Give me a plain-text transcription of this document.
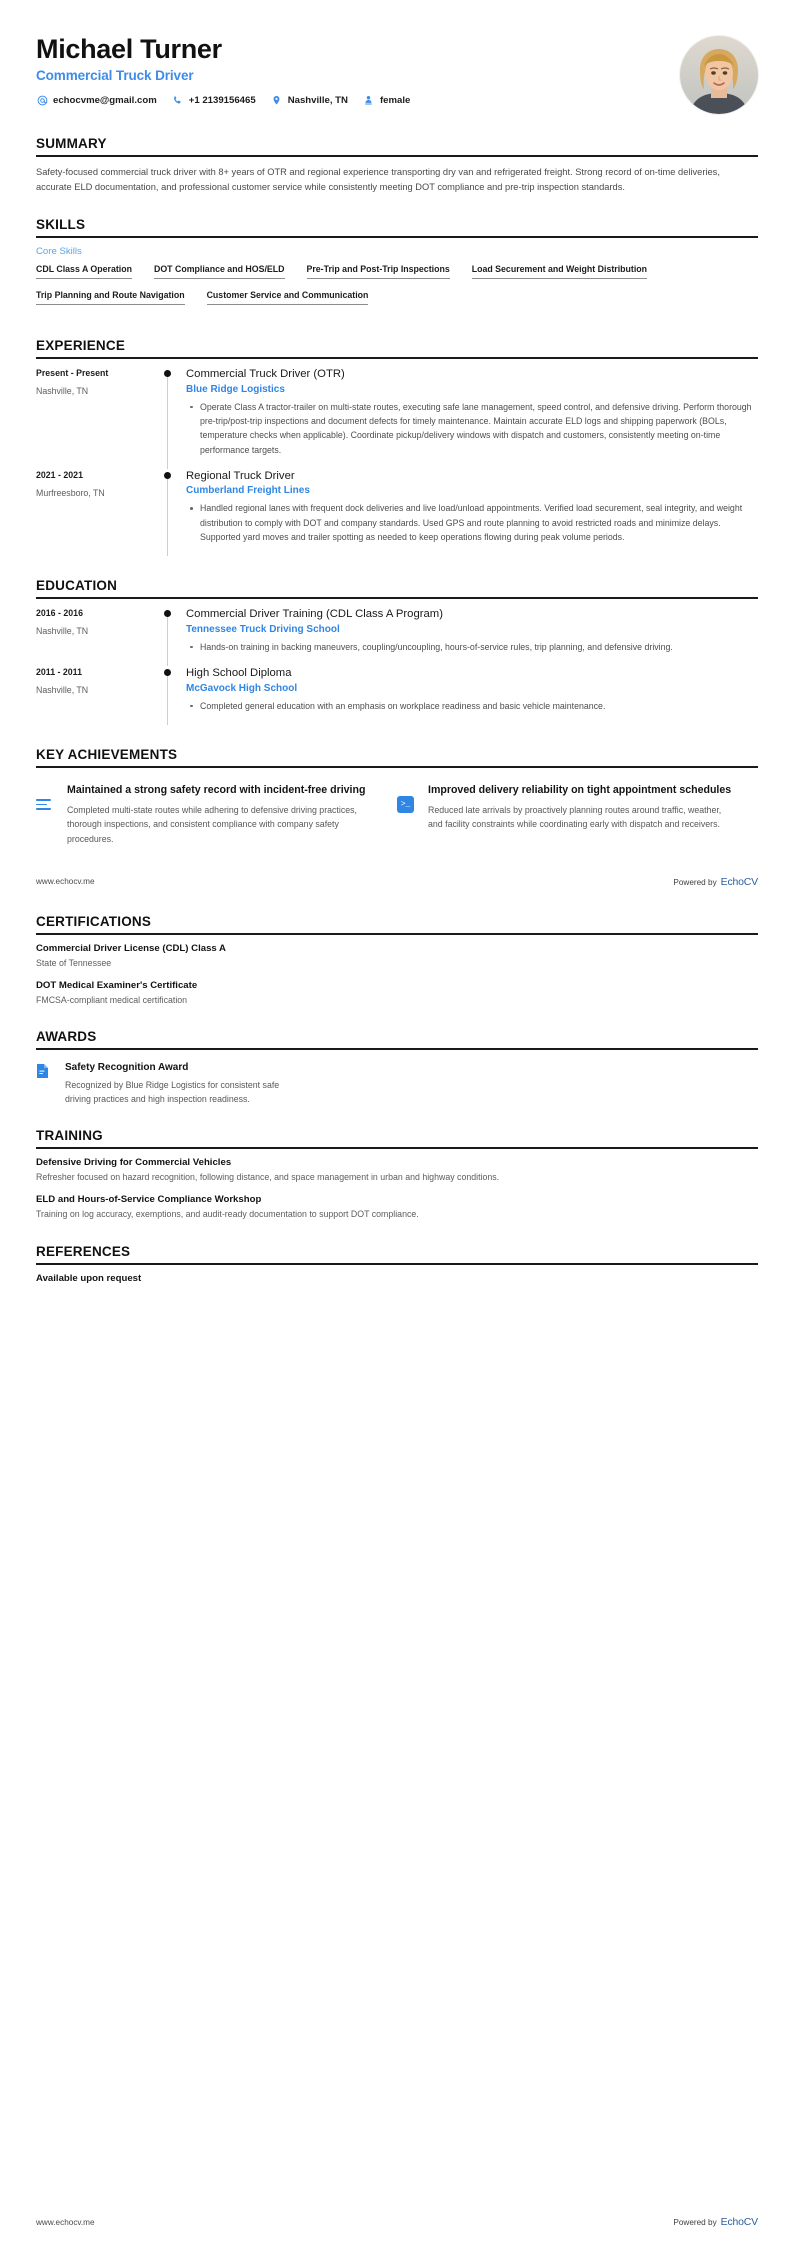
Michael Turner
Commercial Truck Driver
echocvme@gmail.com	+1 2139156465	Nashville, TN	female
SUMMARY
Safety-focused commercial truck driver with 8+ years of OTR and regional experience transporting dry van and refrigerated freight. Strong record of on-time deliveries, accurate ELD documentation, and professional customer service while consistently meeting DOT compliance and pre-trip inspection standards.
SKILLS
Core Skills
CDL Class A Operation	DOT Compliance and HOS/ELD	Pre-Trip and Post-Trip Inspections	Load Securement and Weight Distribution
Trip Planning and Route Navigation	Customer Service and Communication
EXPERIENCE
Present - Present
Nashville, TN
Commercial Truck Driver (OTR)
Blue Ridge Logistics
Operate Class A tractor-trailer on multi-state routes, executing safe lane management, speed control, and defensive driving. Perform thorough pre-trip/post-trip inspections and document defects for timely maintenance. Maintain accurate ELD logs and shipping paperwork (BOLs, temperature checks when applicable). Coordinate pickup/delivery windows with dispatch and customers, consistently meeting on-time performance targets.
2021 - 2021
Murfreesboro, TN
Regional Truck Driver
Cumberland Freight Lines
Handled regional lanes with frequent dock deliveries and live load/unload appointments. Verified load securement, seal integrity, and weight distribution to comply with DOT and company standards. Used GPS and route planning to avoid restricted roads and minimize delays. Supported yard moves and trailer spotting as needed to keep operations flowing during peak volume periods.
EDUCATION
2016 - 2016
Nashville, TN
Commercial Driver Training (CDL Class A Program)
Tennessee Truck Driving School
Hands-on training in backing maneuvers, coupling/uncoupling, hours-of-service rules, trip planning, and defensive driving.
2011 - 2011
Nashville, TN
High School Diploma
McGavock High School
Completed general education with an emphasis on workplace readiness and basic vehicle maintenance.
KEY ACHIEVEMENTS
Maintained a strong safety record with incident-free driving
Completed multi-state routes while adhering to defensive driving practices, thorough inspections, and consistent compliance with company safety procedures.
>_
Improved delivery reliability on tight appointment schedules
Reduced late arrivals by proactively planning routes around traffic, weather, and facility constraints while coordinating early with dispatch and receivers.
www.echocv.me	Powered by EchoCV
CERTIFICATIONS
Commercial Driver License (CDL) Class A
State of Tennessee
DOT Medical Examiner's Certificate
FMCSA-compliant medical certification
AWARDS
Safety Recognition Award
Recognized by Blue Ridge Logistics for consistent safe driving practices and high inspection readiness.
TRAINING
Defensive Driving for Commercial Vehicles
Refresher focused on hazard recognition, following distance, and space management in urban and highway conditions.
ELD and Hours-of-Service Compliance Workshop
Training on log accuracy, exemptions, and audit-ready documentation to support DOT compliance.
REFERENCES
Available upon request
www.echocv.me	Powered by EchoCV
